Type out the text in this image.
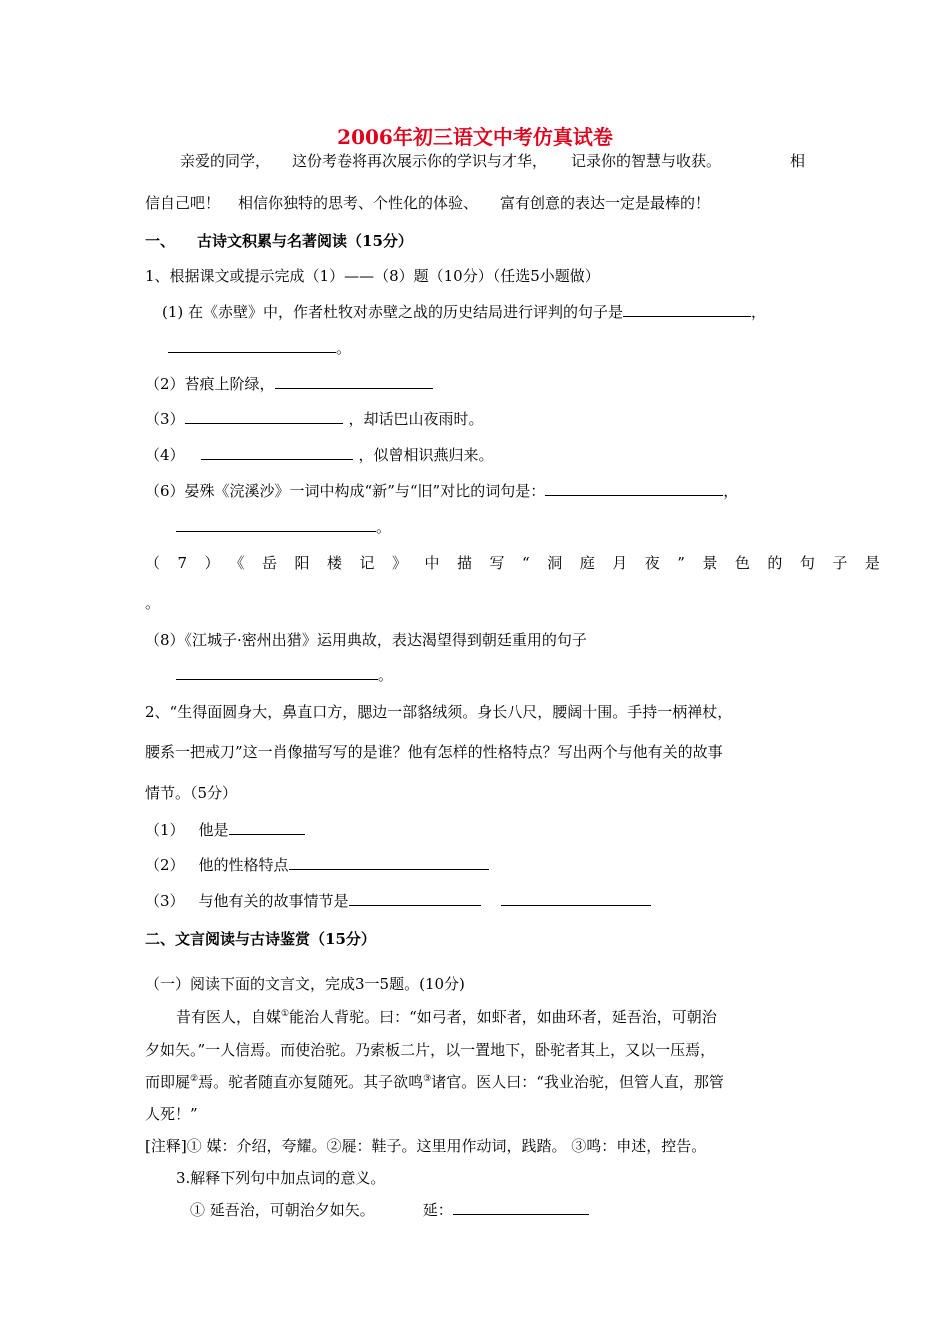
2006年初三语文中考仿真试卷
亲爱的同学， 这份考卷将再次展示你的学识与才华， 记录你的智慧与收获。	相
信自己吧！ 相信你独特的思考、个性化的体验、 富有创意的表达一定是最棒的！
一、 古诗文积累与名著阅读（15分）
1、根据课文或提示完成（1）——（8）题（10分）（任选5小题做）
(1) 在《赤壁》中，作者杜牧对赤壁之战的历史结局进行评判的句子是	，
。
（2）苔痕上阶绿，
（3）	，却话巴山夜雨时。
（4）	，似曾相识燕归来。
（6）晏殊《浣溪沙》一词中构成“新”与“旧”对比的词句是：	，
。
（7）《岳阳楼记》中描写“洞庭月夜”景色的句子是
。
（8）《江城子·密州出猎》运用典故，表达渴望得到朝廷重用的句子
。
2、“生得面圆身大，鼻直口方，腮边一部貉绒须。身长八尺，腰阔十围。手持一柄禅杖，
腰系一把戒刀”这一肖像描写写的是谁？他有怎样的性格特点？写出两个与他有关的故事
情节。（5分）
（1） 他是
（2） 他的性格特点
（3） 与他有关的故事情节是
二、文言阅读与古诗鉴赏（15分）
（一）阅读下面的文言文，完成3一5题。(10分)
昔有医人，自媒①能治人背驼。曰：“如弓者，如虾者，如曲环者，延吾治，可朝治
夕如矢。”一人信焉。而使治驼。乃索板二片，以一置地下，卧驼者其上，又以一压焉，
而即屣②焉。驼者随直亦复随死。其子欲鸣③诸官。医人曰：“我业治驼，但管人直，那管
人死！”
[注释]① 媒：介绍，夸耀。②屣：鞋子。这里用作动词，践踏。 ③鸣：申述，控告。
3.解释下列句中加点词的意义。
① 延吾治，可朝治夕如矢。	延：
